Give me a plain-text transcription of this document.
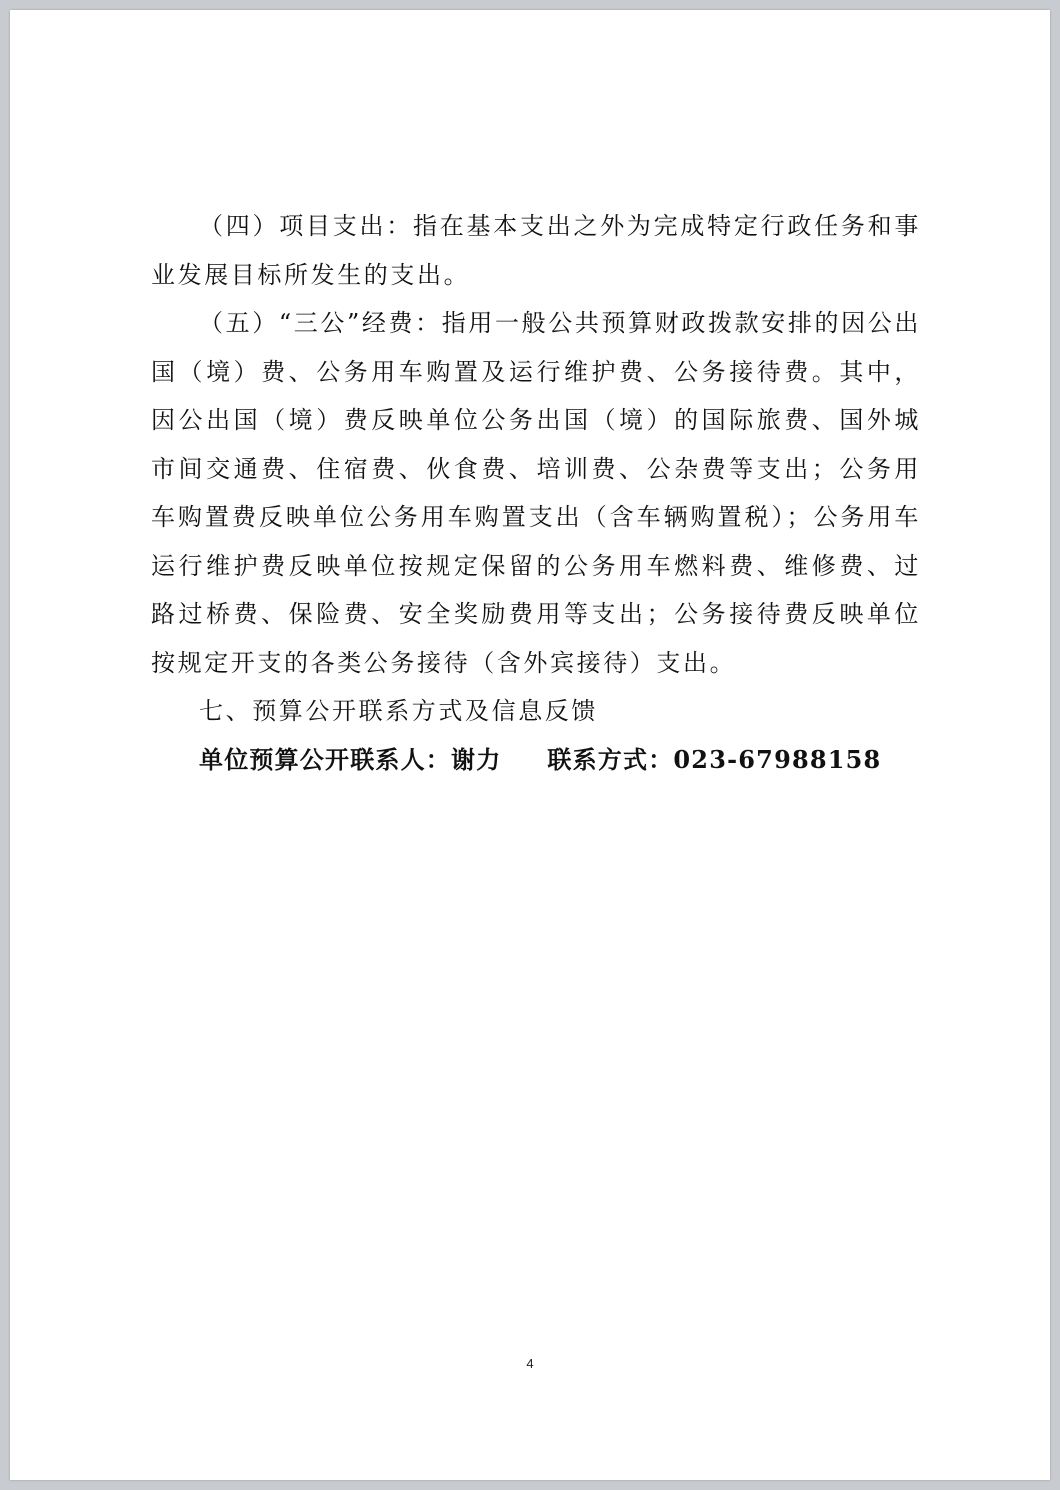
（四）项目支出：指在基本支出之外为完成特定行政任务和事业发展目标所发生的支出。

（五）“三公”经费：指用一般公共预算财政拨款安排的因公出国（境）费、公务用车购置及运行维护费、公务接待费。其中，因公出国（境）费反映单位公务出国（境）的国际旅费、国外城市间交通费、住宿费、伙食费、培训费、公杂费等支出；公务用车购置费反映单位公务用车购置支出（含车辆购置税）；公务用车运行维护费反映单位按规定保留的公务用车燃料费、维修费、过路过桥费、保险费、安全奖励费用等支出；公务接待费反映单位按规定开支的各类公务接待（含外宾接待）支出。

七、预算公开联系方式及信息反馈

单位预算公开联系人：谢力 联系方式：023-67988158

4
